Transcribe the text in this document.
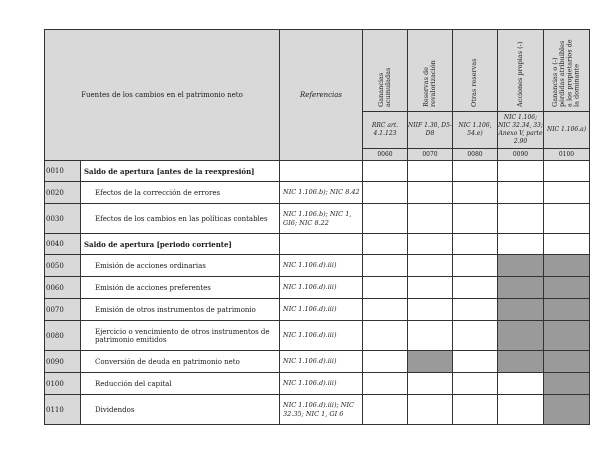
Fuentes de los cambios en el patrimonio neto		Referencias	Ganancias acumuladas	Reservas de revalorización	Otras reservas	Acciones propias (-)	Ganancias o (-) pérdidas atribuibles a los propietarios de la dominante

			RRC art. 4.1.123	NIIF 1.30, D5-D8	NIC 1.106, 54.e)	NIC 1.106; NIC 32.34, 33; Anexo V, parte 2.90	NIC 1.106.a)
			0060	0070	0080	0090	0100
0010	Saldo de apertura [antes de la reexpresión]						
0020	Efectos de la corrección de errores	NIC 1.106.b); NIC 8.42					
0030	Efectos de los cambios en las políticas contables	NIC 1.106.b); NIC 1, GI6; NIC 8.22					
0040	Saldo de apertura [periodo corriente]						
0050	Emisión de acciones ordinarias	NIC 1.106.d).iii)					
0060	Emisión de acciones preferentes	NIC 1.106.d).iii)					
0070	Emisión de otros instrumentos de patrimonio	NIC 1.106.d).iii)					
0080	Ejercicio o vencimiento de otros instrumentos de patrimonio emitidos	NIC 1.106.d).iii)					
0090	Conversión de deuda en patrimonio neto	NIC 1.106.d).iii)					
0100	Reducción del capital	NIC 1.106.d).iii)					
0110	Dividendos	NIC 1.106.d).iii); NIC 32.35; NIC 1, GI 6					
